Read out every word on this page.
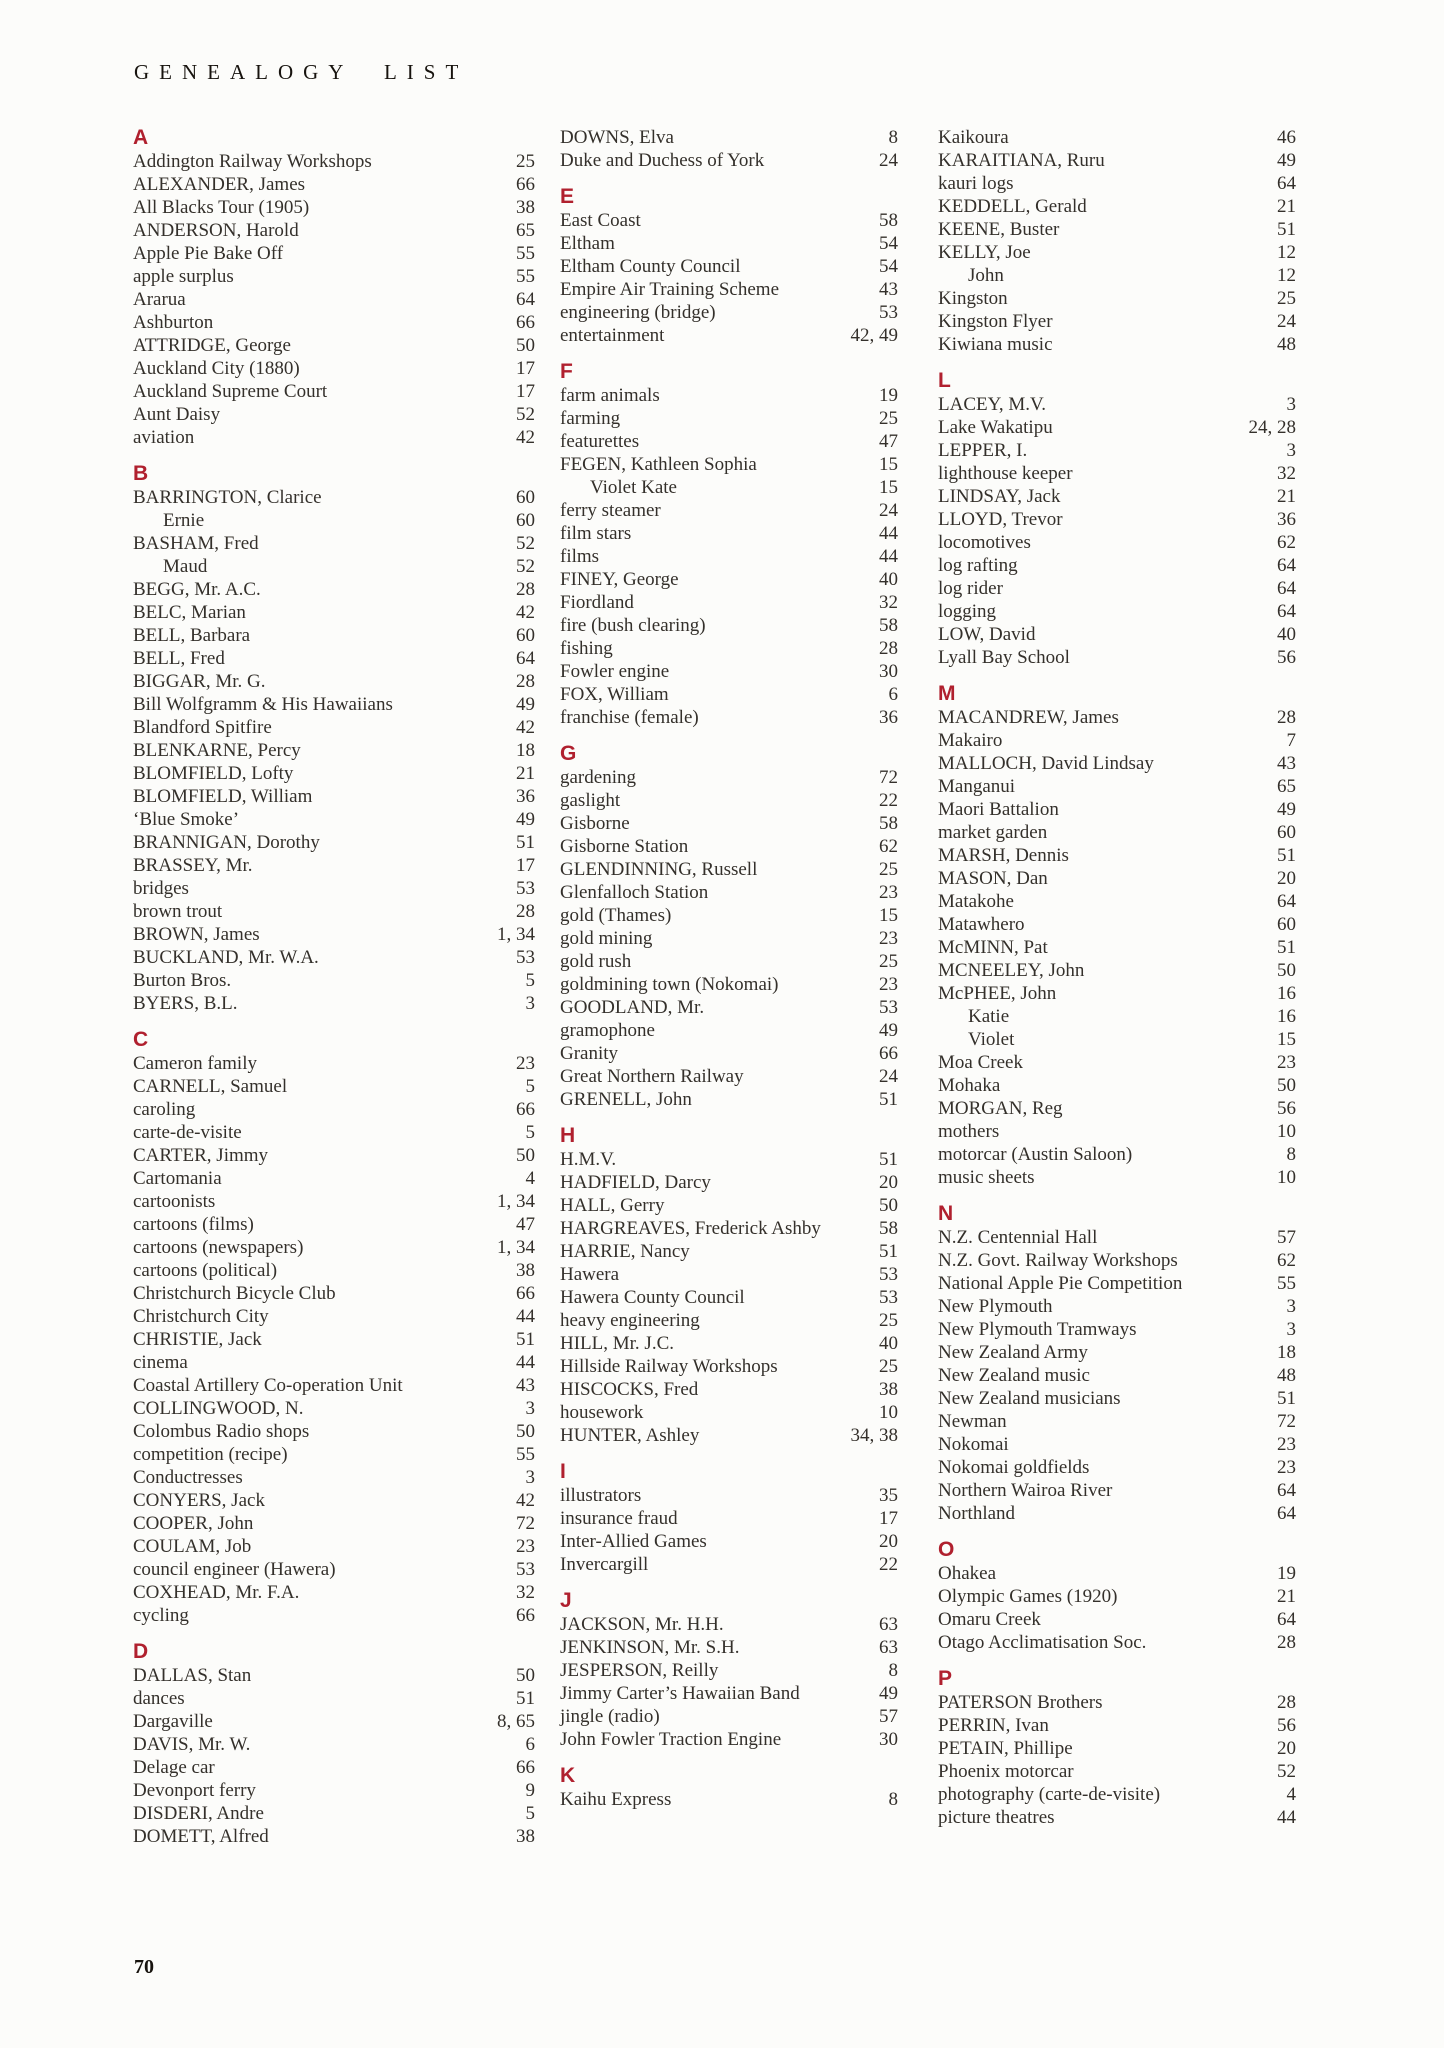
GENEALOGY LIST
A
Addington Railway Workshops	25
ALEXANDER, James	66
All Blacks Tour (1905)	38
ANDERSON, Harold	65
Apple Pie Bake Off	55
apple surplus	55
Ararua	64
Ashburton	66
ATTRIDGE, George	50
Auckland City (1880)	17
Auckland Supreme Court	17
Aunt Daisy	52
aviation	42
B
BARRINGTON, Clarice	60
Ernie	60
BASHAM, Fred	52
Maud	52
BEGG, Mr. A.C.	28
BELC, Marian	42
BELL, Barbara	60
BELL, Fred	64
BIGGAR, Mr. G.	28
Bill Wolfgramm & His Hawaiians	49
Blandford Spitfire	42
BLENKARNE, Percy	18
BLOMFIELD, Lofty	21
BLOMFIELD, William	36
‘Blue Smoke’	49
BRANNIGAN, Dorothy	51
BRASSEY, Mr.	17
bridges	53
brown trout	28
BROWN, James	1, 34
BUCKLAND, Mr. W.A.	53
Burton Bros.	5
BYERS, B.L.	3
C
Cameron family	23
CARNELL, Samuel	5
caroling	66
carte-de-visite	5
CARTER, Jimmy	50
Cartomania	4
cartoonists	1, 34
cartoons (films)	47
cartoons (newspapers)	1, 34
cartoons (political)	38
Christchurch Bicycle Club	66
Christchurch City	44
CHRISTIE, Jack	51
cinema	44
Coastal Artillery Co-operation Unit	43
COLLINGWOOD, N.	3
Colombus Radio shops	50
competition (recipe)	55
Conductresses	3
CONYERS, Jack	42
COOPER, John	72
COULAM, Job	23
council engineer (Hawera)	53
COXHEAD, Mr. F.A.	32
cycling	66
D
DALLAS, Stan	50
dances	51
Dargaville	8, 65
DAVIS, Mr. W.	6
Delage car	66
Devonport ferry	9
DISDERI, Andre	5
DOMETT, Alfred	38
DOWNS, Elva	8
Duke and Duchess of York	24
E
East Coast	58
Eltham	54
Eltham County Council	54
Empire Air Training Scheme	43
engineering (bridge)	53
entertainment	42, 49
F
farm animals	19
farming	25
featurettes	47
FEGEN, Kathleen Sophia	15
Violet Kate	15
ferry steamer	24
film stars	44
films	44
FINEY, George	40
Fiordland	32
fire (bush clearing)	58
fishing	28
Fowler engine	30
FOX, William	6
franchise (female)	36
G
gardening	72
gaslight	22
Gisborne	58
Gisborne Station	62
GLENDINNING, Russell	25
Glenfalloch Station	23
gold (Thames)	15
gold mining	23
gold rush	25
goldmining town (Nokomai)	23
GOODLAND, Mr.	53
gramophone	49
Granity	66
Great Northern Railway	24
GRENELL, John	51
H
H.M.V.	51
HADFIELD, Darcy	20
HALL, Gerry	50
HARGREAVES, Frederick Ashby	58
HARRIE, Nancy	51
Hawera	53
Hawera County Council	53
heavy engineering	25
HILL, Mr. J.C.	40
Hillside Railway Workshops	25
HISCOCKS, Fred	38
housework	10
HUNTER, Ashley	34, 38
I
illustrators	35
insurance fraud	17
Inter-Allied Games	20
Invercargill	22
J
JACKSON, Mr. H.H.	63
JENKINSON, Mr. S.H.	63
JESPERSON, Reilly	8
Jimmy Carter’s Hawaiian Band	49
jingle (radio)	57
John Fowler Traction Engine	30
K
Kaihu Express	8
Kaikoura	46
KARAITIANA, Ruru	49
kauri logs	64
KEDDELL, Gerald	21
KEENE, Buster	51
KELLY, Joe	12
John	12
Kingston	25
Kingston Flyer	24
Kiwiana music	48
L
LACEY, M.V.	3
Lake Wakatipu	24, 28
LEPPER, I.	3
lighthouse keeper	32
LINDSAY, Jack	21
LLOYD, Trevor	36
locomotives	62
log rafting	64
log rider	64
logging	64
LOW, David	40
Lyall Bay School	56
M
MACANDREW, James	28
Makairo	7
MALLOCH, David Lindsay	43
Manganui	65
Maori Battalion	49
market garden	60
MARSH, Dennis	51
MASON, Dan	20
Matakohe	64
Matawhero	60
McMINN, Pat	51
MCNEELEY, John	50
McPHEE, John	16
Katie	16
Violet	15
Moa Creek	23
Mohaka	50
MORGAN, Reg	56
mothers	10
motorcar (Austin Saloon)	8
music sheets	10
N
N.Z. Centennial Hall	57
N.Z. Govt. Railway Workshops	62
National Apple Pie Competition	55
New Plymouth	3
New Plymouth Tramways	3
New Zealand Army	18
New Zealand music	48
New Zealand musicians	51
Newman	72
Nokomai	23
Nokomai goldfields	23
Northern Wairoa River	64
Northland	64
O
Ohakea	19
Olympic Games (1920)	21
Omaru Creek	64
Otago Acclimatisation Soc.	28
P
PATERSON Brothers	28
PERRIN, Ivan	56
PETAIN, Phillipe	20
Phoenix motorcar	52
photography (carte-de-visite)	4
picture theatres	44
70
